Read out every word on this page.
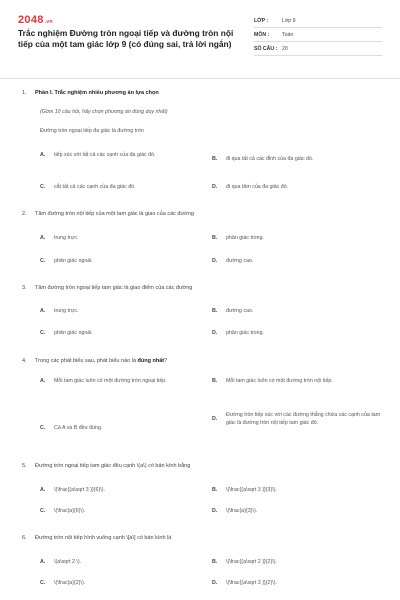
2048.vn
Trắc nghiệm Đường tròn ngoại tiếp và đường tròn nội tiếp của một tam giác lớp 9 (có đúng sai, trả lời ngắn)
LỚP :	Lớp 9
MÔN :	Toán
SỐ CÂU : 20
1. Phần I. Trắc nghiệm nhiều phương án lựa chọn
(Gồm 10 câu hỏi, hãy chọn phương án đúng duy nhất)
Đường tròn ngoại tiếp đa giác là đường tròn
A.	tiếp xúc với tất cả các cạnh của đa giác đó.
B.	đi qua tất cả các đỉnh của đa giác đó.
C.	cắt tất cả các cạnh của đa giác đó.	D.	đi qua tâm của đa giác đó.
2. Tâm đường tròn nội tiếp của một tam giác là giao của các đường
A.	trung trực.	B.	phân giác trong.
C.	phân giác ngoài.	D.	đường cao.
3. Tâm đường tròn ngoại tiếp tam giác là giao điểm của các đường
A.	trung trực.	B.	đường cao.
C.	phân giác ngoài.	D.	phân giác trong.
4. Trong các phát biểu sau, phát biểu nào là đúng nhất?
A.	Mỗi tam giác luôn có một đường tròn ngoại tiếp.	B.	Mỗi tam giác luôn có một đường tròn nội tiếp.
C.	Cả A và B đều đúng.
D.
Đường tròn tiếp xúc với các đường thẳng chứa các cạnh của tam giác là đường tròn nội tiếp tam giác đó.
5. Đường tròn ngoại tiếp tam giác đều cạnh \(a\) có bán kính bằng
A.	\(\frac{{a\sqrt 3 }}{6}\).	B.	\(\frac{{a\sqrt 3 }}{3}\).
C.	\(\frac{a}{6}\).	D.	\(\frac{a}{3}\).
6. Đường tròn nội tiếp hình vuông cạnh \[a\] có bán kính là
A.	\(a\sqrt 2 \).	B.	\(\frac{{a\sqrt 2 }}{2}\).
C.	\(\frac{a}{2}\).	D.	\(\frac{{a\sqrt 3 }}{2}\).
